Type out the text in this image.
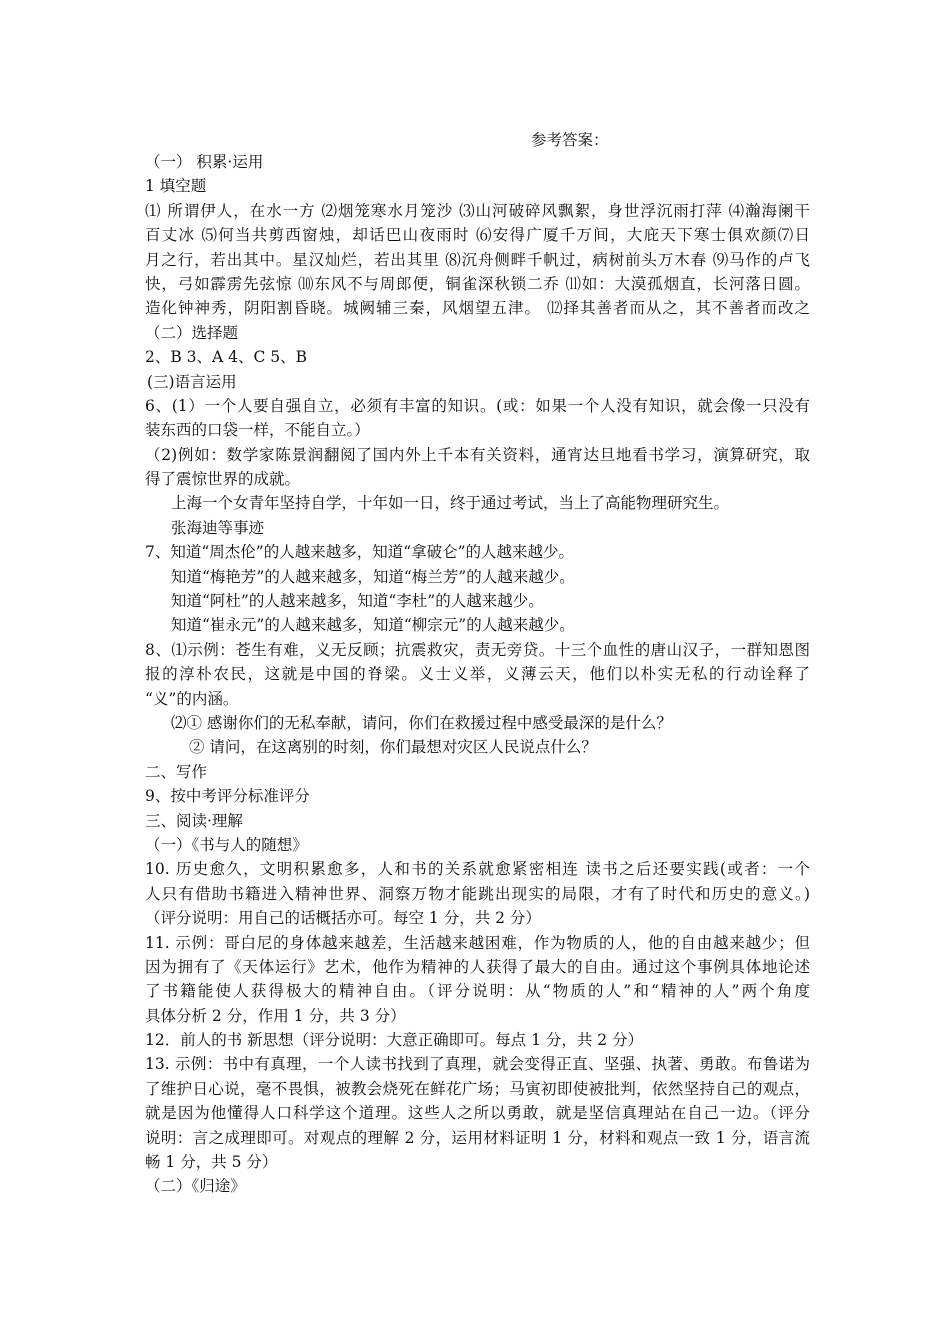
参考答案：
（一） 积累·运用
1 填空题
⑴ 所谓伊人，在水一方 ⑵烟笼寒水月笼沙 ⑶山河破碎风飘絮，身世浮沉雨打萍 ⑷瀚海阑干
百丈冰 ⑸何当共剪西窗烛，却话巴山夜雨时 ⑹安得广厦千万间，大庇天下寒士俱欢颜⑺日
月之行，若出其中。星汉灿烂，若出其里 ⑻沉舟侧畔千帆过，病树前头万木春 ⑼马作的卢飞
快，弓如霹雳先弦惊 ⑽东风不与周郎便，铜雀深秋锁二乔 ⑾如：大漠孤烟直，长河落日圆。
造化钟神秀，阴阳割昏晓。城阙辅三秦，风烟望五津。 ⑿择其善者而从之，其不善者而改之
（二）选择题
2、B 3、A 4、C 5、B
(三)语言运用
6、(1）一个人要自强自立，必须有丰富的知识。(或：如果一个人没有知识，就会像一只没有
装东西的口袋一样，不能自立。）
（2)例如：数学家陈景润翻阅了国内外上千本有关资料，通宵达旦地看书学习，演算研究，取
得了震惊世界的成就。
上海一个女青年坚持自学，十年如一日，终于通过考试，当上了高能物理研究生。
张海迪等事迹
7、知道“周杰伦”的人越来越多，知道“拿破仑”的人越来越少。
知道“梅艳芳”的人越来越多，知道“梅兰芳”的人越来越少。
知道“阿杜”的人越来越多，知道“李杜”的人越来越少。
知道“崔永元”的人越来越多，知道“柳宗元”的人越来越少。
8、⑴示例：苍生有难，义无反顾；抗震救灾，责无旁贷。十三个血性的唐山汉子，一群知恩图
报的淳朴农民，这就是中国的脊梁。义士义举，义薄云天，他们以朴实无私的行动诠释了
“义”的内涵。
⑵① 感谢你们的无私奉献，请问，你们在救援过程中感受最深的是什么？
② 请问，在这离别的时刻，你们最想对灾区人民说点什么？
二、写作
9、按中考评分标准评分
三、阅读·理解
（一）《书与人的随想》
10. 历史愈久，文明积累愈多，人和书的关系就愈紧密相连 读书之后还要实践(或者：一个
人只有借助书籍进入精神世界、洞察万物才能跳出现实的局限，才有了时代和历史的意义。)
（评分说明：用自己的话概括亦可。每空 1 分，共 2 分）
11. 示例：哥白尼的身体越来越差，生活越来越困难，作为物质的人，他的自由越来越少；但
因为拥有了《天体运行》艺术，他作为精神的人获得了最大的自由。通过这个事例具体地论述
了书籍能使人获得极大的精神自由。（评分说明：从“物质的人”和“精神的人”两个角度
具体分析 2 分，作用 1 分，共 3 分）
12．前人的书 新思想（评分说明：大意正确即可。每点 1 分，共 2 分）
13. 示例：书中有真理，一个人读书找到了真理，就会变得正直、坚强、执著、勇敢。布鲁诺为
了维护日心说，毫不畏惧，被教会烧死在鲜花广场；马寅初即使被批判，依然坚持自己的观点，
就是因为他懂得人口科学这个道理。这些人之所以勇敢，就是坚信真理站在自己一边。（评分
说明：言之成理即可。对观点的理解 2 分，运用材料证明 1 分，材料和观点一致 1 分，语言流
畅 1 分，共 5 分）
（二）《归途》
